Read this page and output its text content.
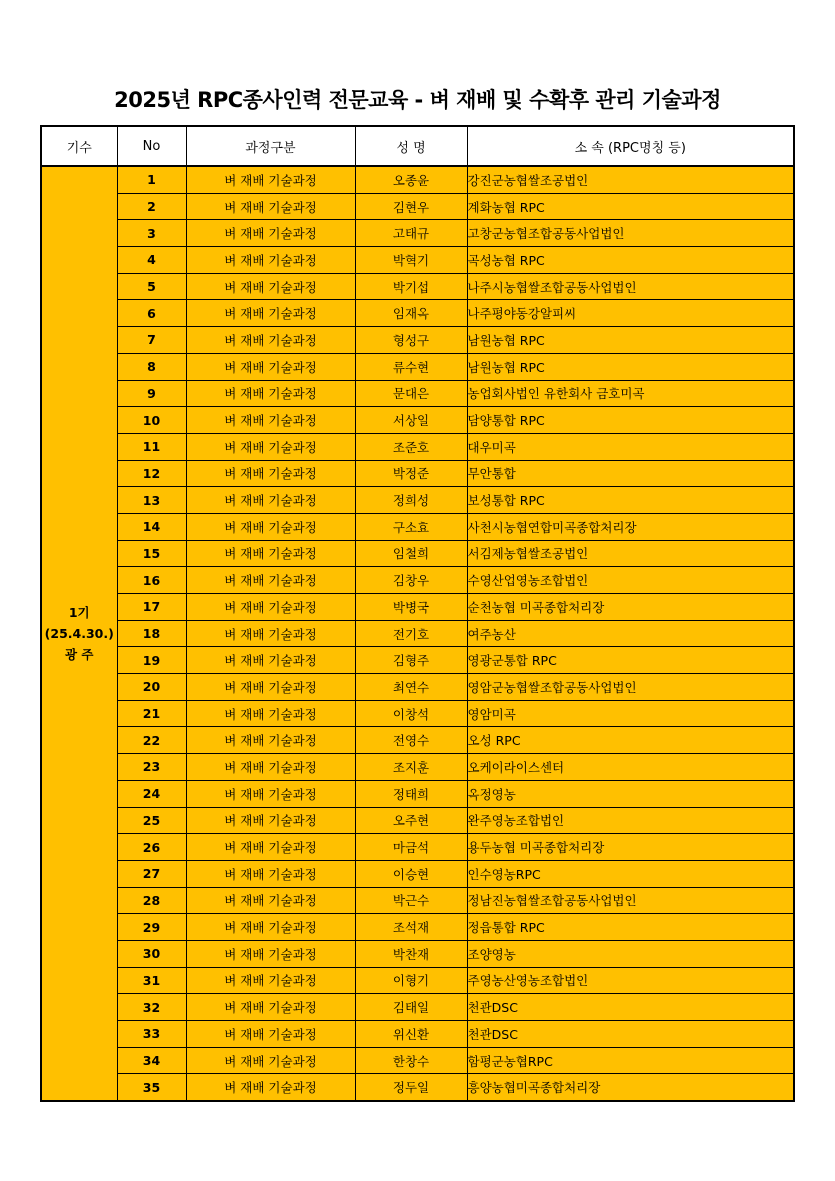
2025년 RPC종사인력 전문교육 - 벼 재배 및 수확후 관리 기술과정
기수	No	과정구분	성 명	소 속 (RPC명칭 등)

1기
(25.4.30.)
광 주	1	벼 재배 기술과정	오종윤	강진군농협쌀조공법인
	2	벼 재배 기술과정	김현우	계화농협 RPC
	3	벼 재배 기술과정	고태규	고창군농협조합공동사업법인
	4	벼 재배 기술과정	박혁기	곡성농협 RPC
	5	벼 재배 기술과정	박기섭	나주시농협쌀조합공동사업법인
	6	벼 재배 기술과정	임재옥	나주평야동강알피씨
	7	벼 재배 기술과정	형성구	남원농협 RPC
	8	벼 재배 기술과정	류수현	남원농협 RPC
	9	벼 재배 기술과정	문대은	농업회사법인 유한회사 금호미곡
	10	벼 재배 기술과정	서상일	담양통합 RPC
	11	벼 재배 기술과정	조준호	대우미곡
	12	벼 재배 기술과정	박정준	무안통합
	13	벼 재배 기술과정	정희성	보성통합 RPC
	14	벼 재배 기술과정	구소효	사천시농협연합미곡종합처리장
	15	벼 재배 기술과정	임철희	서김제농협쌀조공법인
	16	벼 재배 기술과정	김창우	수영산업영농조합법인
	17	벼 재배 기술과정	박병국	순천농협 미곡종합처리장
	18	벼 재배 기술과정	전기호	여주농산
	19	벼 재배 기술과정	김형주	영광군통합 RPC
	20	벼 재배 기술과정	최연수	영암군농협쌀조합공동사업법인
	21	벼 재배 기술과정	이창석	영암미곡
	22	벼 재배 기술과정	전영수	오성 RPC
	23	벼 재배 기술과정	조지훈	오케이라이스센터
	24	벼 재배 기술과정	정태희	옥정영농
	25	벼 재배 기술과정	오주현	완주영농조합법인
	26	벼 재배 기술과정	마금석	용두농협 미곡종합처리장
	27	벼 재배 기술과정	이승현	인수영농RPC
	28	벼 재배 기술과정	박근수	정남진농협쌀조합공동사업법인
	29	벼 재배 기술과정	조석재	정읍통합 RPC
	30	벼 재배 기술과정	박찬재	조양영농
	31	벼 재배 기술과정	이형기	주영농산영농조합법인
	32	벼 재배 기술과정	김태일	천관DSC
	33	벼 재배 기술과정	위신환	천관DSC
	34	벼 재배 기술과정	한창수	함평군농협RPC
	35	벼 재배 기술과정	정두일	흥양농협미곡종합처리장
